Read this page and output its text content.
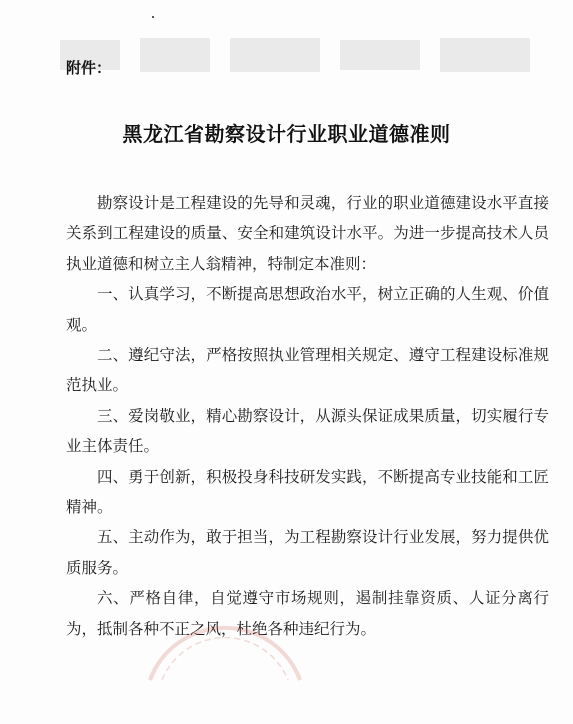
附件：
黑龙江省勘察设计行业职业道德准则

勘察设计是工程建设的先导和灵魂，行业的职业道德建设水平直接关系到工程建设的质量、安全和建筑设计水平。为进一步提高技术人员执业道德和树立主人翁精神，特制定本准则：

一、认真学习，不断提高思想政治水平，树立正确的人生观、价值观。

二、遵纪守法，严格按照执业管理相关规定、遵守工程建设标准规范执业。

三、爱岗敬业，精心勘察设计，从源头保证成果质量，切实履行专业主体责任。

四、勇于创新，积极投身科技研发实践，不断提高专业技能和工匠精神。

五、主动作为，敢于担当，为工程勘察设计行业发展，努力提供优质服务。

六、严格自律，自觉遵守市场规则，遏制挂靠资质、人证分离行为，抵制各种不正之风，杜绝各种违纪行为。
